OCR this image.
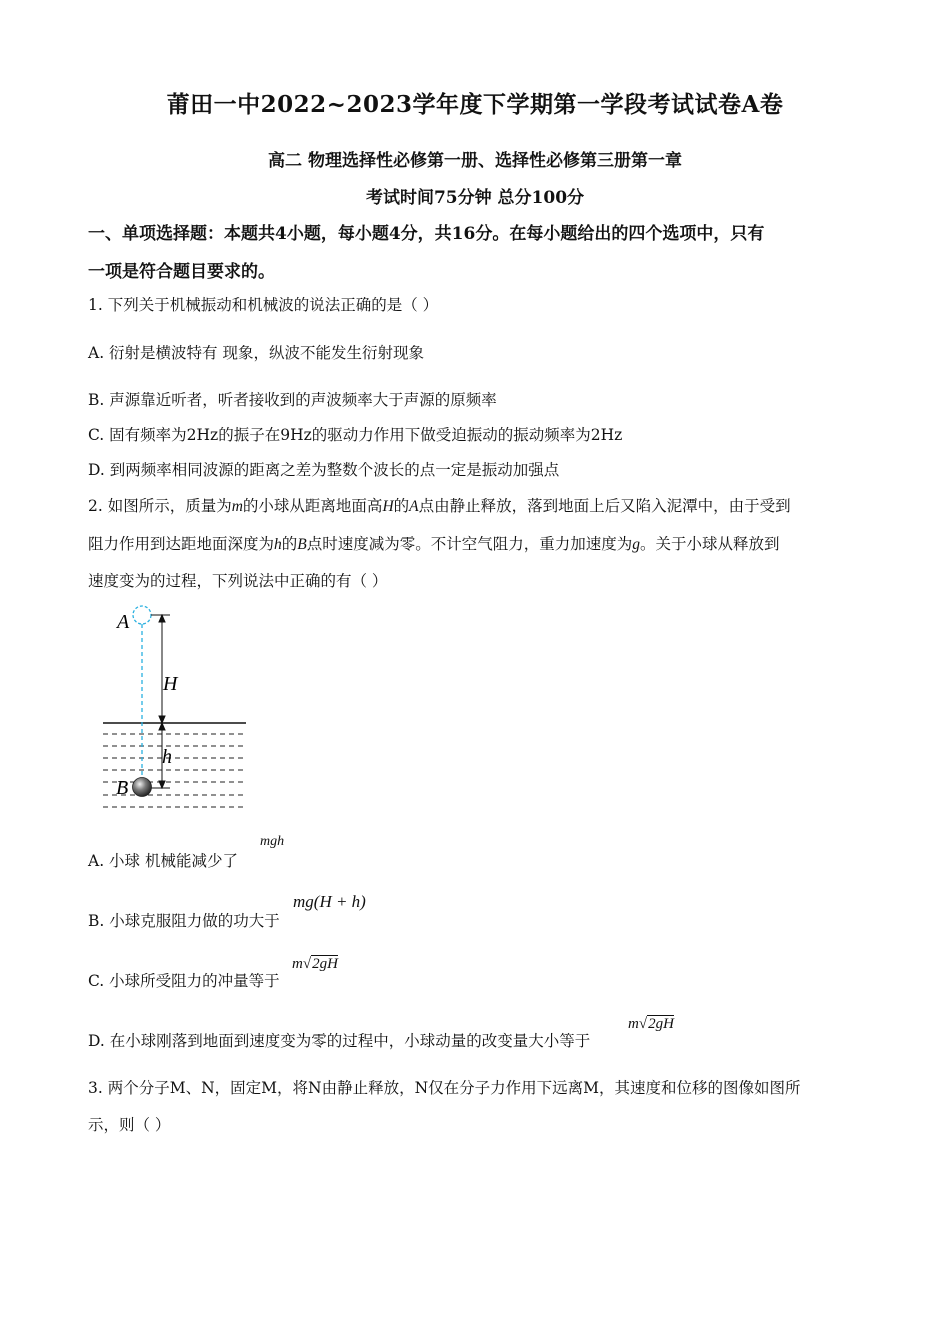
莆田一中2022~2023学年度下学期第一学段考试试卷A卷
高二 物理选择性必修第一册、选择性必修第三册第一章
考试时间75分钟 总分100分
一、单项选择题：本题共4小题，每小题4分，共16分。在每小题给出的四个选项中，只有
一项是符合题目要求的。
1. 下列关于机械振动和机械波的说法正确的是（ ）
A. 衍射是横波特有 现象，纵波不能发生衍射现象
B. 声源靠近听者，听者接收到的声波频率大于声源的原频率
C. 固有频率为2Hz的振子在9Hz的驱动力作用下做受迫振动的振动频率为2Hz
D. 到两频率相同波源的距离之差为整数个波长的点一定是振动加强点
2. 如图所示，质量为m的小球从距离地面高H的A点由静止释放，落到地面上后又陷入泥潭中，由于受到
阻力作用到达距地面深度为h的B点时速度减为零。不计空气阻力，重力加速度为g。关于小球从释放到
速度变为的过程，下列说法中正确的有（ ）
A
H
h
B
A. 小球 机械能减少了
mgh
B. 小球克服阻力做的功大于
mg(H + h)
C. 小球所受阻力的冲量等于
m√2gH
D. 在小球刚落到地面到速度变为零的过程中，小球动量的改变量大小等于
m√2gH
3. 两个分子M、N，固定M，将N由静止释放，N仅在分子力作用下远离M，其速度和位移的图像如图所
示，则（ ）
